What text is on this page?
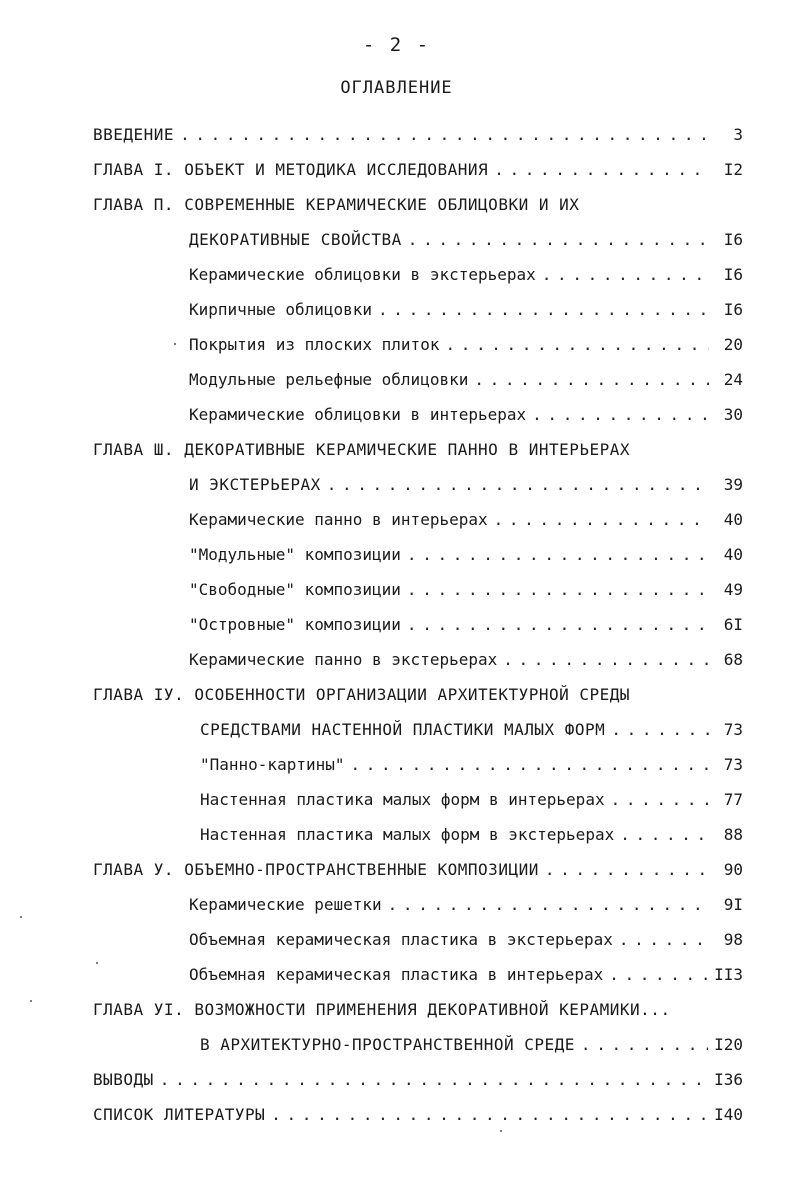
- 2 -
ОГЛАВЛЕНИЕ
ВВЕДЕНИЕ . . .	3
ГЛАВА I. ОБЪЕКТ И МЕТОДИКА ИССЛЕДОВАНИЯ . . .	I2
ГЛАВА П. СОВРЕМЕННЫЕ КЕРАМИЧЕСКИЕ ОБЛИЦОВКИ И ИХ
ДЕКОРАТИВНЫЕ СВОЙСТВА . . .	I6
Керамические облицовки в экстерьерах . . .	I6
Кирпичные облицовки . . .	I6
Покрытия из плоских плиток . . .	20
Модульные рельефные облицовки . . .	24
Керамические облицовки в интерьерах . . .	30
ГЛАВА Ш. ДЕКОРАТИВНЫЕ КЕРАМИЧЕСКИЕ ПАННО В ИНТЕРЬЕРАХ
И ЭКСТЕРЬЕРАХ . . .	39
Керамические панно в интерьерах . . .	40
"Модульные" композиции . . .	40
"Свободные" композиции . . .	49
"Островные" композиции . . .	6I
Керамические панно в экстерьерах . . .	68
ГЛАВА IУ. ОСОБЕННОСТИ ОРГАНИЗАЦИИ АРХИТЕКТУРНОЙ СРЕДЫ
СРЕДСТВАМИ НАСТЕННОЙ ПЛАСТИКИ МАЛЫХ ФОРМ . . .	73
"Панно-картины" . . .	73
Настенная пластика малых форм в интерьерах . . .	77
Настенная пластика малых форм в экстерьерах . . .	88
ГЛАВА У. ОБЪЕМНО-ПРОСТРАНСТВЕННЫЕ КОМПОЗИЦИИ . . .	90
Керамические решетки . . .	9I
Объемная керамическая пластика в экстерьерах . . .	98
Объемная керамическая пластика в интерьерах . . .	II3
ГЛАВА УI. ВОЗМОЖНОСТИ ПРИМЕНЕНИЯ ДЕКОРАТИВНОЙ КЕРАМИКИ...
В АРХИТЕКТУРНО-ПРОСТРАНСТВЕННОЙ СРЕДЕ . . .	I20
ВЫВОДЫ . . .	I36
СПИСОК ЛИТЕРАТУРЫ . . .	I40
